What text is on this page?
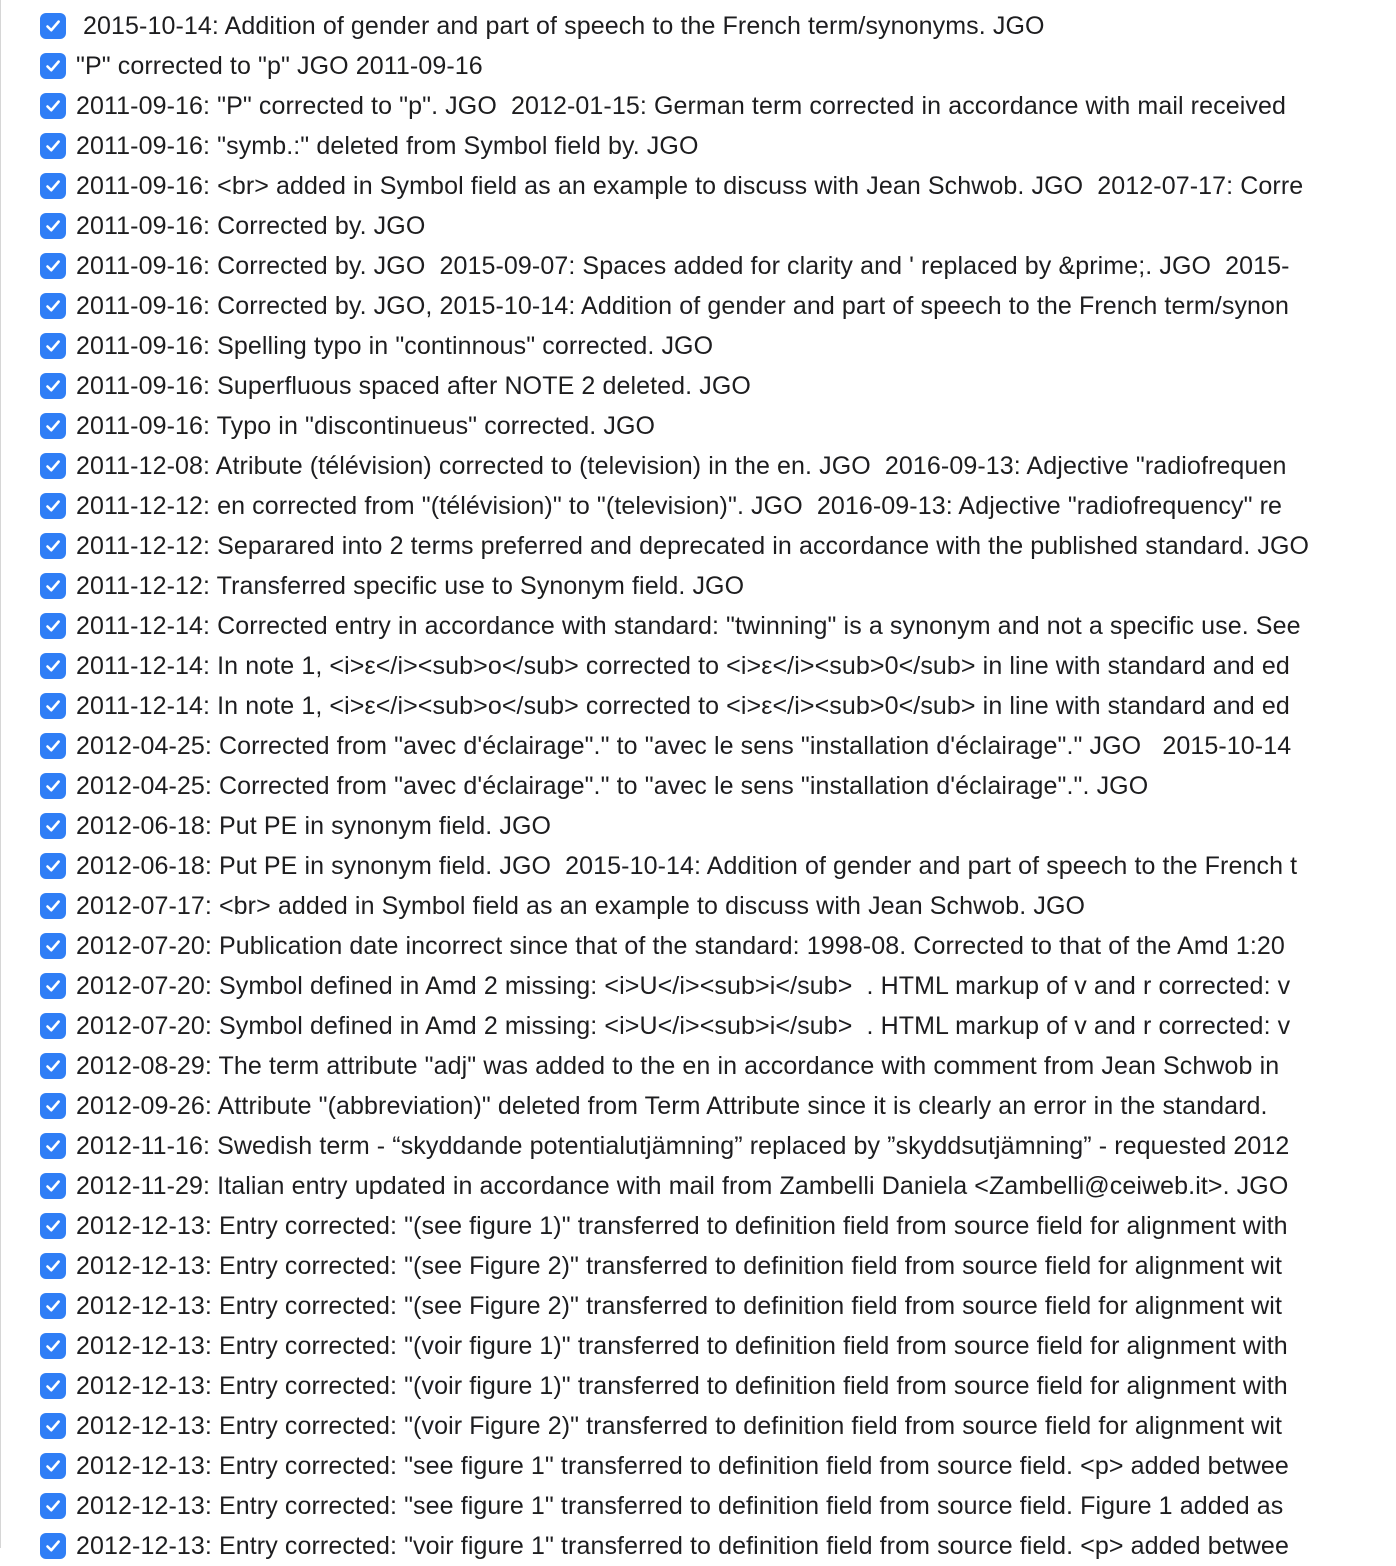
2015-10-14: Addition of gender and part of speech to the French term/synonyms. JGO
"P" corrected to "p" JGO 2011-09-16
2011-09-16: "P" corrected to "p". JGO  2012-01-15: German term corrected in accordance with mail received
2011-09-16: "symb.:" deleted from Symbol field by. JGO
2011-09-16: <br> added in Symbol field as an example to discuss with Jean Schwob. JGO  2012-07-17: Corre
2011-09-16: Corrected by. JGO
2011-09-16: Corrected by. JGO  2015-09-07: Spaces added for clarity and ' replaced by &prime;. JGO  2015-
2011-09-16: Corrected by. JGO, 2015-10-14: Addition of gender and part of speech to the French term/synon
2011-09-16: Spelling typo in "continnous" corrected. JGO
2011-09-16: Superfluous spaced after NOTE 2 deleted. JGO
2011-09-16: Typo in "discontinueus" corrected. JGO
2011-12-08: Atribute (télévision) corrected to (television) in the en. JGO  2016-09-13: Adjective "radiofrequen
2011-12-12: en corrected from "(télévision)" to "(television)". JGO  2016-09-13: Adjective "radiofrequency" re
2011-12-12: Separared into 2 terms preferred and deprecated in accordance with the published standard. JGO
2011-12-12: Transferred specific use to Synonym field. JGO
2011-12-14: Corrected entry in accordance with standard: "twinning" is a synonym and not a specific use. See
2011-12-14: In note 1, <i>ε</i><sub>o</sub> corrected to <i>ε</i><sub>0</sub> in line with standard and ed
2011-12-14: In note 1, <i>ε</i><sub>o</sub> corrected to <i>ε</i><sub>0</sub> in line with standard and ed
2012-04-25: Corrected from "avec d'éclairage"." to "avec le sens "installation d'éclairage"." JGO   2015-10-14
2012-04-25: Corrected from "avec d'éclairage"." to "avec le sens "installation d'éclairage".". JGO
2012-06-18: Put PE in synonym field. JGO
2012-06-18: Put PE in synonym field. JGO  2015-10-14: Addition of gender and part of speech to the French t
2012-07-17: <br> added in Symbol field as an example to discuss with Jean Schwob. JGO
2012-07-20: Publication date incorrect since that of the standard: 1998-08. Corrected to that of the Amd 1:20
2012-07-20: Symbol defined in Amd 2 missing: <i>U</i><sub>i</sub>  . HTML markup of v and r corrected: v
2012-07-20: Symbol defined in Amd 2 missing: <i>U</i><sub>i</sub>  . HTML markup of v and r corrected: v
2012-08-29: The term attribute "adj" was added to the en in accordance with comment from Jean Schwob in
2012-09-26: Attribute "(abbreviation)" deleted from Term Attribute since it is clearly an error in the standard.
2012-11-16: Swedish term - “skyddande potentialutjämning” replaced by ”skyddsutjämning” - requested 2012
2012-11-29: Italian entry updated in accordance with mail from Zambelli Daniela <Zambelli@ceiweb.it>. JGO
2012-12-13: Entry corrected: "(see figure 1)" transferred to definition field from source field for alignment with
2012-12-13: Entry corrected: "(see Figure 2)" transferred to definition field from source field for alignment wit
2012-12-13: Entry corrected: "(see Figure 2)" transferred to definition field from source field for alignment wit
2012-12-13: Entry corrected: "(voir figure 1)" transferred to definition field from source field for alignment with
2012-12-13: Entry corrected: "(voir figure 1)" transferred to definition field from source field for alignment with
2012-12-13: Entry corrected: "(voir Figure 2)" transferred to definition field from source field for alignment wit
2012-12-13: Entry corrected: "see figure 1" transferred to definition field from source field. <p> added betwee
2012-12-13: Entry corrected: "see figure 1" transferred to definition field from source field. Figure 1 added as
2012-12-13: Entry corrected: "voir figure 1" transferred to definition field from source field. <p> added betwee
